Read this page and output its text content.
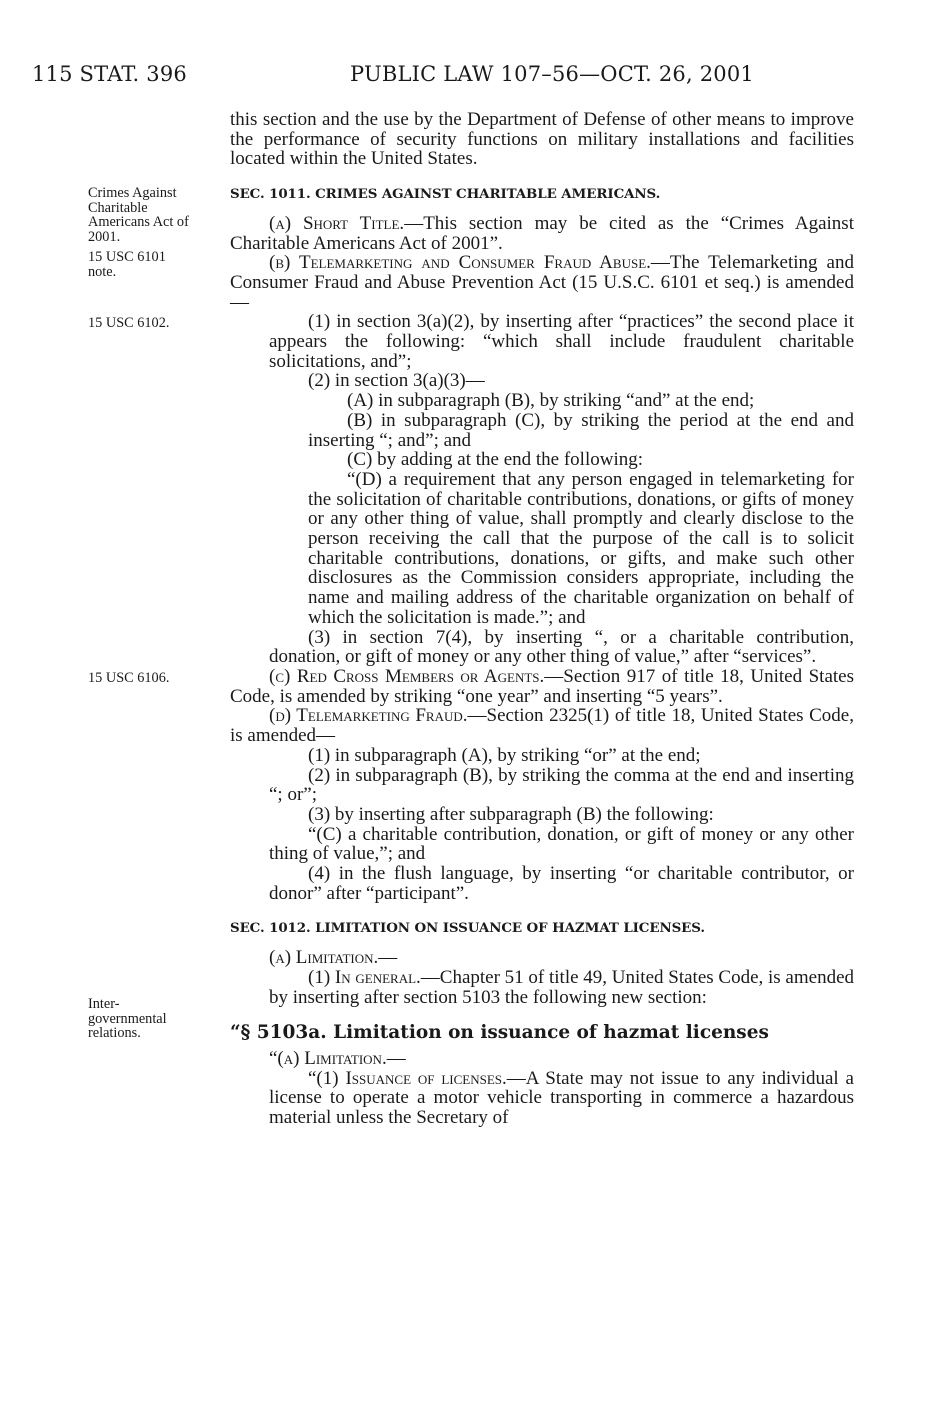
115 STAT. 396	PUBLIC LAW 107–56—OCT. 26, 2001
Crimes Against
Charitable
Americans Act of
2001.
15 USC 6101
note.
15 USC 6102.
15 USC 6106.
Inter-
governmental
relations.

this section and the use by the Department of Defense of other means to improve the performance of security functions on military installations and facilities located within the United States.

SEC. 1011. CRIMES AGAINST CHARITABLE AMERICANS.

(a) Short Title.—This section may be cited as the “Crimes Against Charitable Americans Act of 2001”.

(b) Telemarketing and Consumer Fraud Abuse.—The Telemarketing and Consumer Fraud and Abuse Prevention Act (15 U.S.C. 6101 et seq.) is amended—

(1) in section 3(a)(2), by inserting after “practices” the second place it appears the following: “which shall include fraudulent charitable solicitations, and”;

(2) in section 3(a)(3)—

(A) in subparagraph (B), by striking “and” at the end;

(B) in subparagraph (C), by striking the period at the end and inserting “; and”; and

(C) by adding at the end the following:

“(D) a requirement that any person engaged in telemarketing for the solicitation of charitable contributions, donations, or gifts of money or any other thing of value, shall promptly and clearly disclose to the person receiving the call that the purpose of the call is to solicit charitable contributions, donations, or gifts, and make such other disclosures as the Commission considers appropriate, including the name and mailing address of the charitable organization on behalf of which the solicitation is made.”; and

(3) in section 7(4), by inserting “, or a charitable contribution, donation, or gift of money or any other thing of value,” after “services”.

(c) Red Cross Members or Agents.—Section 917 of title 18, United States Code, is amended by striking “one year” and inserting “5 years”.

(d) Telemarketing Fraud.—Section 2325(1) of title 18, United States Code, is amended—

(1) in subparagraph (A), by striking “or” at the end;

(2) in subparagraph (B), by striking the comma at the end and inserting “; or”;

(3) by inserting after subparagraph (B) the following:

“(C) a charitable contribution, donation, or gift of money or any other thing of value,”; and

(4) in the flush language, by inserting “or charitable contributor, or donor” after “participant”.

SEC. 1012. LIMITATION ON ISSUANCE OF HAZMAT LICENSES.

(a) Limitation.—

(1) In general.—Chapter 51 of title 49, United States Code, is amended by inserting after section 5103 the following new section:

“§ 5103a. Limitation on issuance of hazmat licenses

“(a) Limitation.—

“(1) Issuance of licenses.—A State may not issue to any individual a license to operate a motor vehicle transporting in commerce a hazardous material unless the Secretary of
